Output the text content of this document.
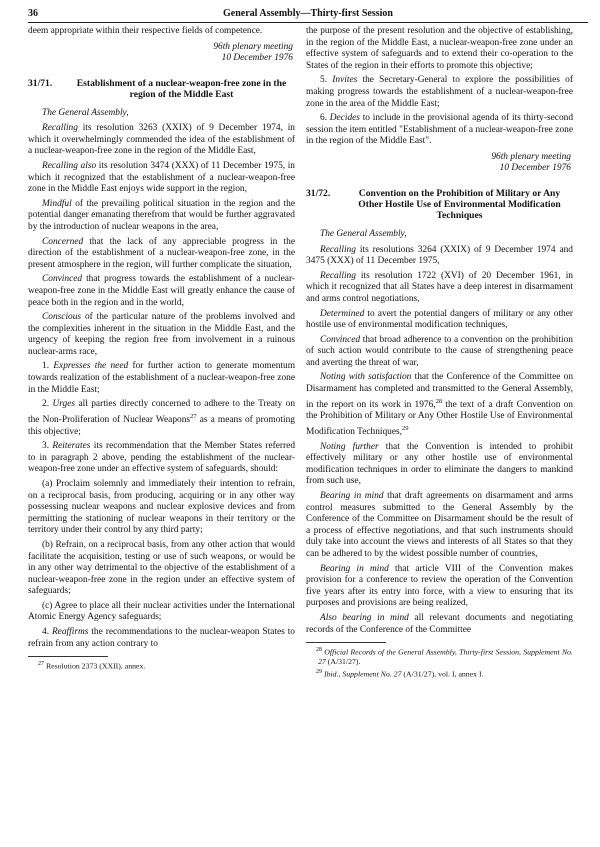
36	General Assembly—Thirty-first Session

deem appropriate within their respective fields of competence.

96th plenary meeting
10 December 1976
31/71.	Establishment of a nuclear-weapon-free zone in the region of the Middle East

The General Assembly,

Recalling its resolution 3263 (XXIX) of 9 December 1974, in which it overwhelmingly commended the idea of the establishment of a nuclear-weapon-free zone in the region of the Middle East,

Recalling also its resolution 3474 (XXX) of 11 December 1975, in which it recognized that the establishment of a nuclear-weapon-free zone in the Middle East enjoys wide support in the region,

Mindful of the prevailing political situation in the region and the potential danger emanating therefrom that would be further aggravated by the introduction of nuclear weapons in the area,

Concerned that the lack of any appreciable progress in the direction of the establishment of a nuclear-weapon-free zone, in the present atmosphere in the region, will further complicate the situation,

Convinced that progress towards the establishment of a nuclear-weapon-free zone in the Middle East will greatly enhance the cause of peace both in the region and in the world,

Conscious of the particular nature of the problems involved and the complexities inherent in the situation in the Middle East, and the urgency of keeping the region free from involvement in a ruinous nuclear-arms race,

1. Expresses the need for further action to generate momentum towards realization of the establishment of a nuclear-weapon-free zone in the Middle East;

2. Urges all parties directly concerned to adhere to the Treaty on the Non-Proliferation of Nuclear Weapons$^{27}$ as a means of promoting this objective;

3. Reiterates its recommendation that the Member States referred to in paragraph 2 above, pending the establishment of the nuclear-weapon-free zone under an effective system of safeguards, should:

(a) Proclaim solemnly and immediately their intention to refrain, on a reciprocal basis, from producing, acquiring or in any other way possessing nuclear weapons and nuclear explosive devices and from permitting the stationing of nuclear weapons in their territory or the territory under their control by any third party;

(b) Refrain, on a reciprocal basis, from any other action that would facilitate the acquisition, testing or use of such weapons, or would be in any other way detrimental to the objective of the establishment of a nuclear-weapon-free zone in the region under an effective system of safeguards;

(c) Agree to place all their nuclear activities under the International Atomic Energy Agency safeguards;

4. Reaffirms the recommendations to the nuclear-weapon States to refrain from any action contrary to

$^{27}$ Resolution 2373 (XXII), annex.

the purpose of the present resolution and the objective of establishing, in the region of the Middle East, a nuclear-weapon-free zone under an effective system of safeguards and to extend their co-operation to the States of the region in their efforts to promote this objective;

5. Invites the Secretary-General to explore the possibilities of making progress towards the establishment of a nuclear-weapon-free zone in the area of the Middle East;

6. Decides to include in the provisional agenda of its thirty-second session the item entitled "Establishment of a nuclear-weapon-free zone in the region of the Middle East".

96th plenary meeting
10 December 1976
31/72.	Convention on the Prohibition of Military or Any Other Hostile Use of Environmental Modification Techniques

The General Assembly,

Recalling its resolutions 3264 (XXIX) of 9 December 1974 and 3475 (XXX) of 11 December 1975,

Recalling its resolution 1722 (XVI) of 20 December 1961, in which it recognized that all States have a deep interest in disarmament and arms control negotiations,

Determined to avert the potential dangers of military or any other hostile use of environmental modification techniques,

Convinced that broad adherence to a convention on the prohibition of such action would contribute to the cause of strengthening peace and averting the threat of war,

Noting with satisfaction that the Conference of the Committee on Disarmament has completed and transmitted to the General Assembly, in the report on its work in 1976,28 the text of a draft Convention on the Prohibition of Military or Any Other Hostile Use of Environmental Modification Techniques,$^{29}$

Noting further that the Convention is intended to prohibit effectively military or any other hostile use of environmental modification techniques in order to eliminate the dangers to mankind from such use,

Bearing in mind that draft agreements on disarmament and arms control measures submitted to the General Assembly by the Conference of the Committee on Disarmament should be the result of a process of effective negotiations, and that such instruments should duly take into account the views and interests of all States so that they can be adhered to by the widest possible number of countries,

Bearing in mind that article VIII of the Convention makes provision for a conference to review the operation of the Convention five years after its entry into force, with a view to ensuring that its purposes and provisions are being realized,

Also bearing in mind all relevant documents and negotiating records of the Conference of the Committee

$^{28}$ Official Records of the General Assembly, Thirty-first Session, Supplement No. 27 (A/31/27).

$^{29}$ Ibid., Supplement No. 27 (A/31/27), vol. I, annex I.
